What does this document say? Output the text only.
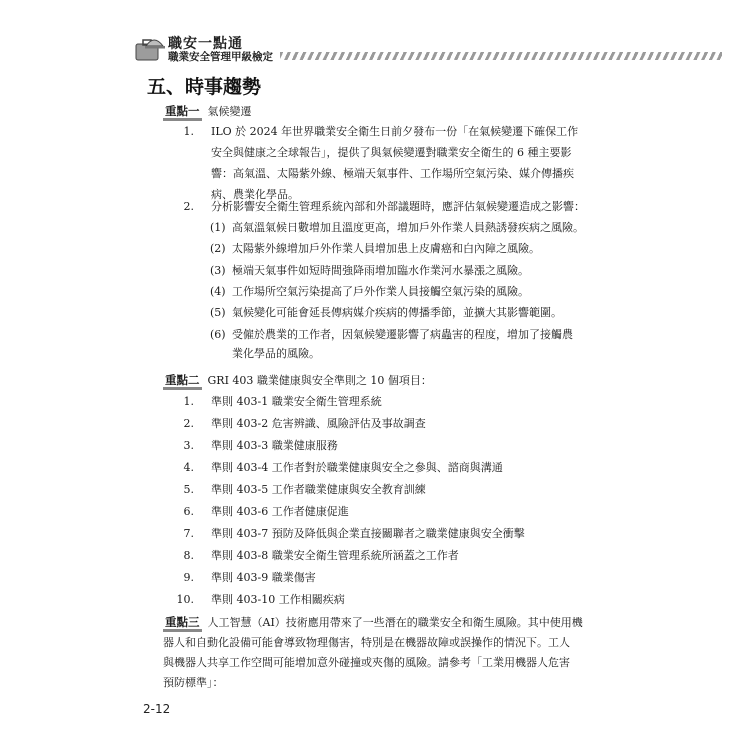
職安一點通
職業安全管理甲級檢定
五、時事趨勢
重點一 氣候變遷
1. ILO 於 2024 年世界職業安全衛生日前夕發布一份「在氣候變遷下確保工作
安全與健康之全球報告」，提供了與氣候變遷對職業安全衛生的 6 種主要影
響：高氣溫、太陽紫外線、極端天氣事件、工作場所空氣污染、媒介傳播疾
病、農業化學品。
2. 分析影響安全衛生管理系統內部和外部議題時，應評估氣候變遷造成之影響：
(1) 高氣溫氣候日數增加且溫度更高，增加戶外作業人員熱誘發疾病之風險。
(2) 太陽紫外線增加戶外作業人員增加患上皮膚癌和白內障之風險。
(3) 極端天氣事件如短時間強降雨增加臨水作業河水暴漲之風險。
(4) 工作場所空氣污染提高了戶外作業人員接觸空氣污染的風險。
(5) 氣候變化可能會延長傳病媒介疾病的傳播季節，並擴大其影響範圍。
(6) 受僱於農業的工作者，因氣候變遷影響了病蟲害的程度，增加了接觸農
業化學品的風險。
重點二 GRI 403 職業健康與安全準則之 10 個項目：
1. 準則 403-1 職業安全衛生管理系統
2. 準則 403-2 危害辨識、風險評估及事故調查
3. 準則 403-3 職業健康服務
4. 準則 403-4 工作者對於職業健康與安全之參與、諮商與溝通
5. 準則 403-5 工作者職業健康與安全教育訓練
6. 準則 403-6 工作者健康促進
7. 準則 403-7 預防及降低與企業直接關聯者之職業健康與安全衝擊
8. 準則 403-8 職業安全衛生管理系統所涵蓋之工作者
9. 準則 403-9 職業傷害
10. 準則 403-10 工作相關疾病
重點三 人工智慧（AI）技術應用帶來了一些潛在的職業安全和衛生風險。其中使用機
器人和自動化設備可能會導致物理傷害，特別是在機器故障或誤操作的情況下。工人
與機器人共享工作空間可能增加意外碰撞或夾傷的風險。請參考「工業用機器人危害
預防標準」：
2-12
